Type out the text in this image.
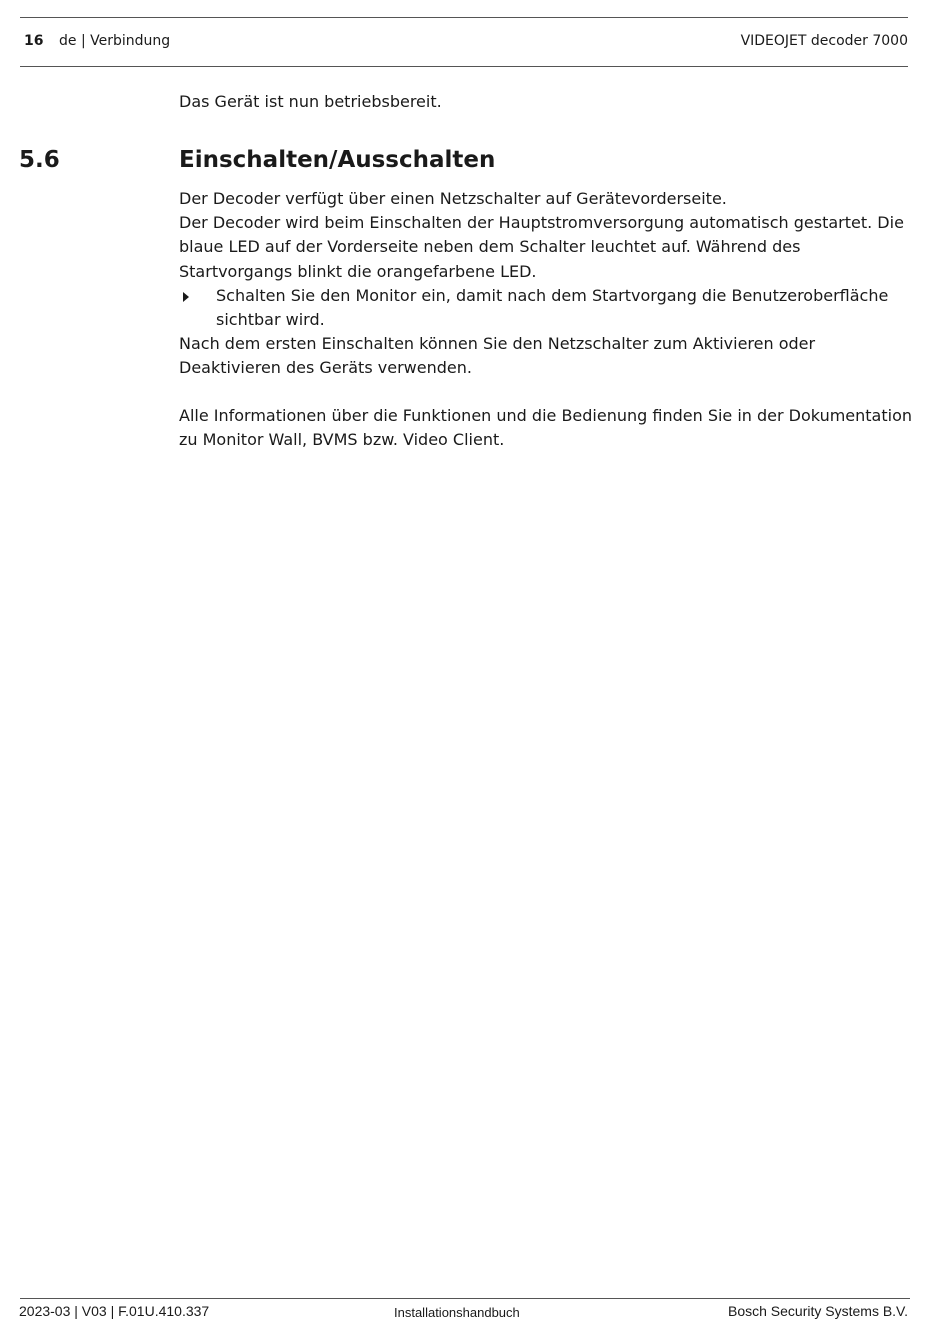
16 de | Verbindung	VIDEOJET decoder 7000
Das Gerät ist nun betriebsbereit.
5.6	Einschalten/Ausschalten
Der Decoder verfügt über einen Netzschalter auf Gerätevorderseite.
Der Decoder wird beim Einschalten der Hauptstromversorgung automatisch gestartet. Die blaue LED auf der Vorderseite neben dem Schalter leuchtet auf. Während des Startvorgangs blinkt die orangefarbene LED.
Schalten Sie den Monitor ein, damit nach dem Startvorgang die Benutzeroberfläche sichtbar wird.
Nach dem ersten Einschalten können Sie den Netzschalter zum Aktivieren oder Deaktivieren des Geräts verwenden.
Alle Informationen über die Funktionen und die Bedienung finden Sie in der Dokumentation zu Monitor Wall, BVMS bzw. Video Client.
2023-03 | V03 | F.01U.410.337	Installationshandbuch	Bosch Security Systems B.V.
